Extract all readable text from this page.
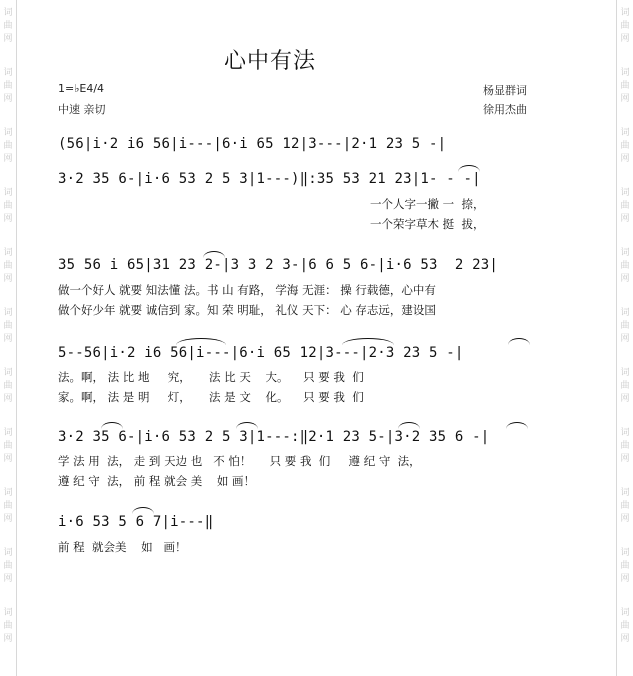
词
曲
网
词
曲
网
词
曲
网
词
曲
网
词
曲
网
词
曲
网
词
曲
网
词
曲
网
词
曲
网
词
曲
网
词
曲
网
词
曲
网
词
曲
网
词
曲
网
词
曲
网
词
曲
网
词
曲
网
词
曲
网
词
曲
网
词
曲
网
词
曲
网
词
曲
网
心中有法
1=♭E4/4
中速 亲切
杨显群词
徐用杰曲
(56|i·2 i6 56|i---|6·i 65 12|3---|2·1 23 5 -|
3·2 35 6-|i·6 53 2 5 3|1---)‖:35 53 21 23|1- - -|
一个人字一撇 一  捺，
一个荣字草木 挺  拔，
35 56 i 65|31 23 2-|3 3 2 3-|6 6 5 6-|i·6 53  2 23|
做一个好人 就要 知法懂 法。书 山 有路， 学海 无涯： 操 行载德，心中有
做个好少年 就要 诚信到 家。知 荣 明耻， 礼仪 天下： 心 存志远，建设国
5--56|i·2 i6 56|i---|6·i 65 12|3---|2·3 23 5 -|
法。啊， 法 比 地     究，     法 比 天    大。    只 要 我  们
家。啊， 法 是 明     灯，     法 是 文    化。    只 要 我  们
3·2 35 6-|i·6 53 2 5 3|1---:‖2·1 23 5-|3·2 35 6 -|
学 法 用  法， 走 到 天边 也   不 怕！     只 要 我  们     遵 纪 守  法，
遵 纪 守  法， 前 程 就会 美    如 画！
i·6 53 5 6 7|i---‖
前 程  就会美    如   画！
